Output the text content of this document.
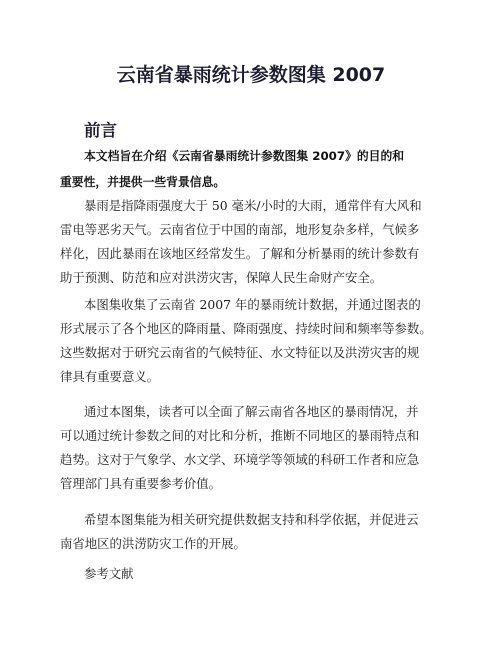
云南省暴雨统计参数图集 2007
前言

本文档旨在介绍《云南省暴雨统计参数图集 2007》的目的和

重要性，并提供一些背景信息。

暴雨是指降雨强度大于 50 毫米/小时的大雨，通常伴有大风和

雷电等恶劣天气。云南省位于中国的南部，地形复杂多样，气候多

样化，因此暴雨在该地区经常发生。了解和分析暴雨的统计参数有

助于预测、防范和应对洪涝灾害，保障人民生命财产安全。

本图集收集了云南省 2007 年的暴雨统计数据，并通过图表的

形式展示了各个地区的降雨量、降雨强度、持续时间和频率等参数。

这些数据对于研究云南省的气候特征、水文特征以及洪涝灾害的规

律具有重要意义。

通过本图集，读者可以全面了解云南省各地区的暴雨情况，并

可以通过统计参数之间的对比和分析，推断不同地区的暴雨特点和

趋势。这对于气象学、水文学、环境学等领域的科研工作者和应急

管理部门具有重要参考价值。

希望本图集能为相关研究提供数据支持和科学依据，并促进云

南省地区的洪涝防灾工作的开展。

参考文献
